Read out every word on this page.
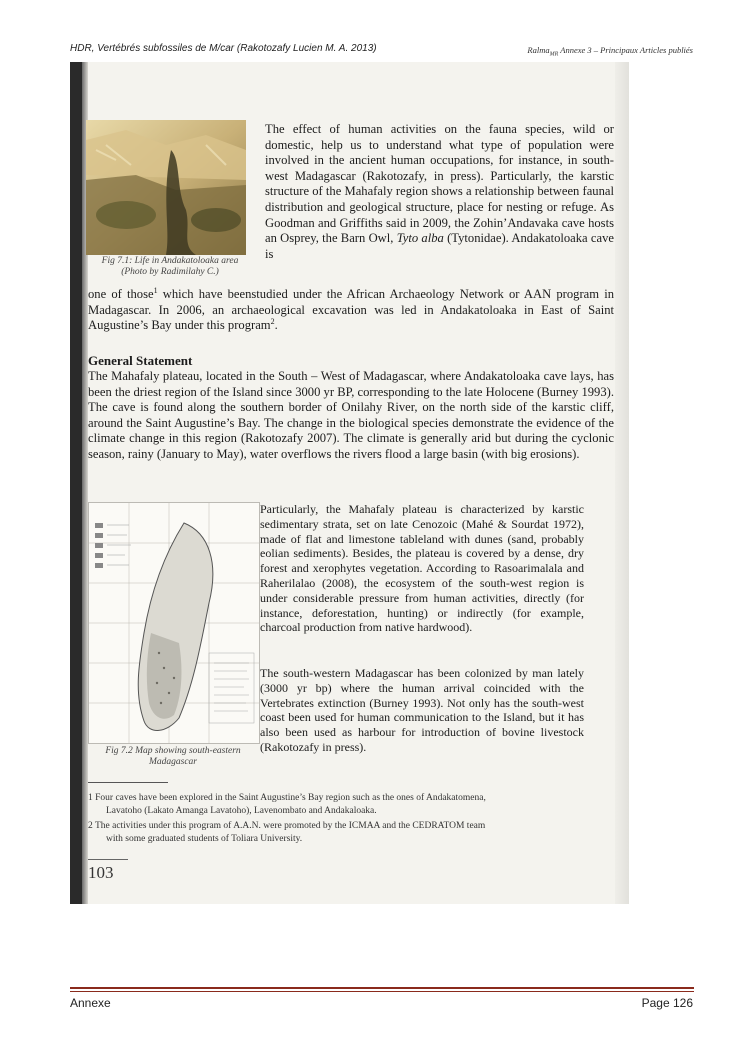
HDR, Vertébrés subfossiles de M/car (Rakotozafy Lucien M. A. 2013)	Ralma$_{MR}$ Annexe 3 – Principaux Articles publiés
Fig 7.1: Life in Andakatoloaka area
(Photo by Radimilahy C.)
The effect of human activities on the fauna species, wild or domestic, help us to understand what type of population were involved in the ancient human occupations, for instance, in south-west Madagascar (Rakotozafy, in press). Particularly, the karstic structure of the Mahafaly region shows a relationship between faunal distribution and geological structure, place for nesting or refuge. As Goodman and Griffiths said in 2009, the Zohin’Andavaka cave hosts an Osprey, the Barn Owl, Tyto alba (Tytonidae). Andakatoloaka cave is
one of those$^1$ which have beenstudied under the African Archaeology Network or AAN program in Madagascar. In 2006, an archaeological excavation was led in Andakatoloaka in East of Saint Augustine’s Bay under this program$^2$.
General Statement
The Mahafaly plateau, located in the South – West of Madagascar, where Andakatoloaka cave lays, has been the driest region of the Island since 3000 yr BP, corresponding to the late Holocene (Burney 1993). The cave is found along the southern border of Onilahy River, on the north side of the karstic cliff, around the Saint Augustine’s Bay. The change in the biological species demonstrate the evidence of the climate change in this region (Rakotozafy 2007). The climate is generally arid but during the cyclonic season, rainy (January to May), water overflows the rivers flood a large basin (with big erosions).
Fig 7.2 Map showing south-eastern
Madagascar
Particularly, the Mahafaly plateau is characterized by karstic sedimentary strata, set on late Cenozoic (Mahé & Sourdat 1972), made of flat and limestone tableland with dunes (sand, probably eolian sediments). Besides, the plateau is covered by a dense, dry forest and xerophytes vegetation. According to Rasoarimalala and Raherilalao (2008), the ecosystem of the south-west region is under considerable pressure from human activities, directly (for instance, deforestation, hunting) or indirectly (for example, charcoal production from native hardwood).
The south-western Madagascar has been colonized by man lately (3000 yr bp) where the human arrival coincided with the Vertebrates extinction (Burney 1993). Not only has the south-west coast been used for human communication to the Island, but it has also been used as harbour for introduction of bovine livestock (Rakotozafy in press).
1 Four caves have been explored in the Saint Augustine’s Bay region such as the ones of Andakatomena,
Lavatoho (Lakato Amanga Lavatoho), Lavenombato and Andakaloaka.
2 The activities under this program of A.A.N. were promoted by the ICMAA and the CEDRATOM team
with some graduated students of Toliara University.
103
Annexe	Page 126
